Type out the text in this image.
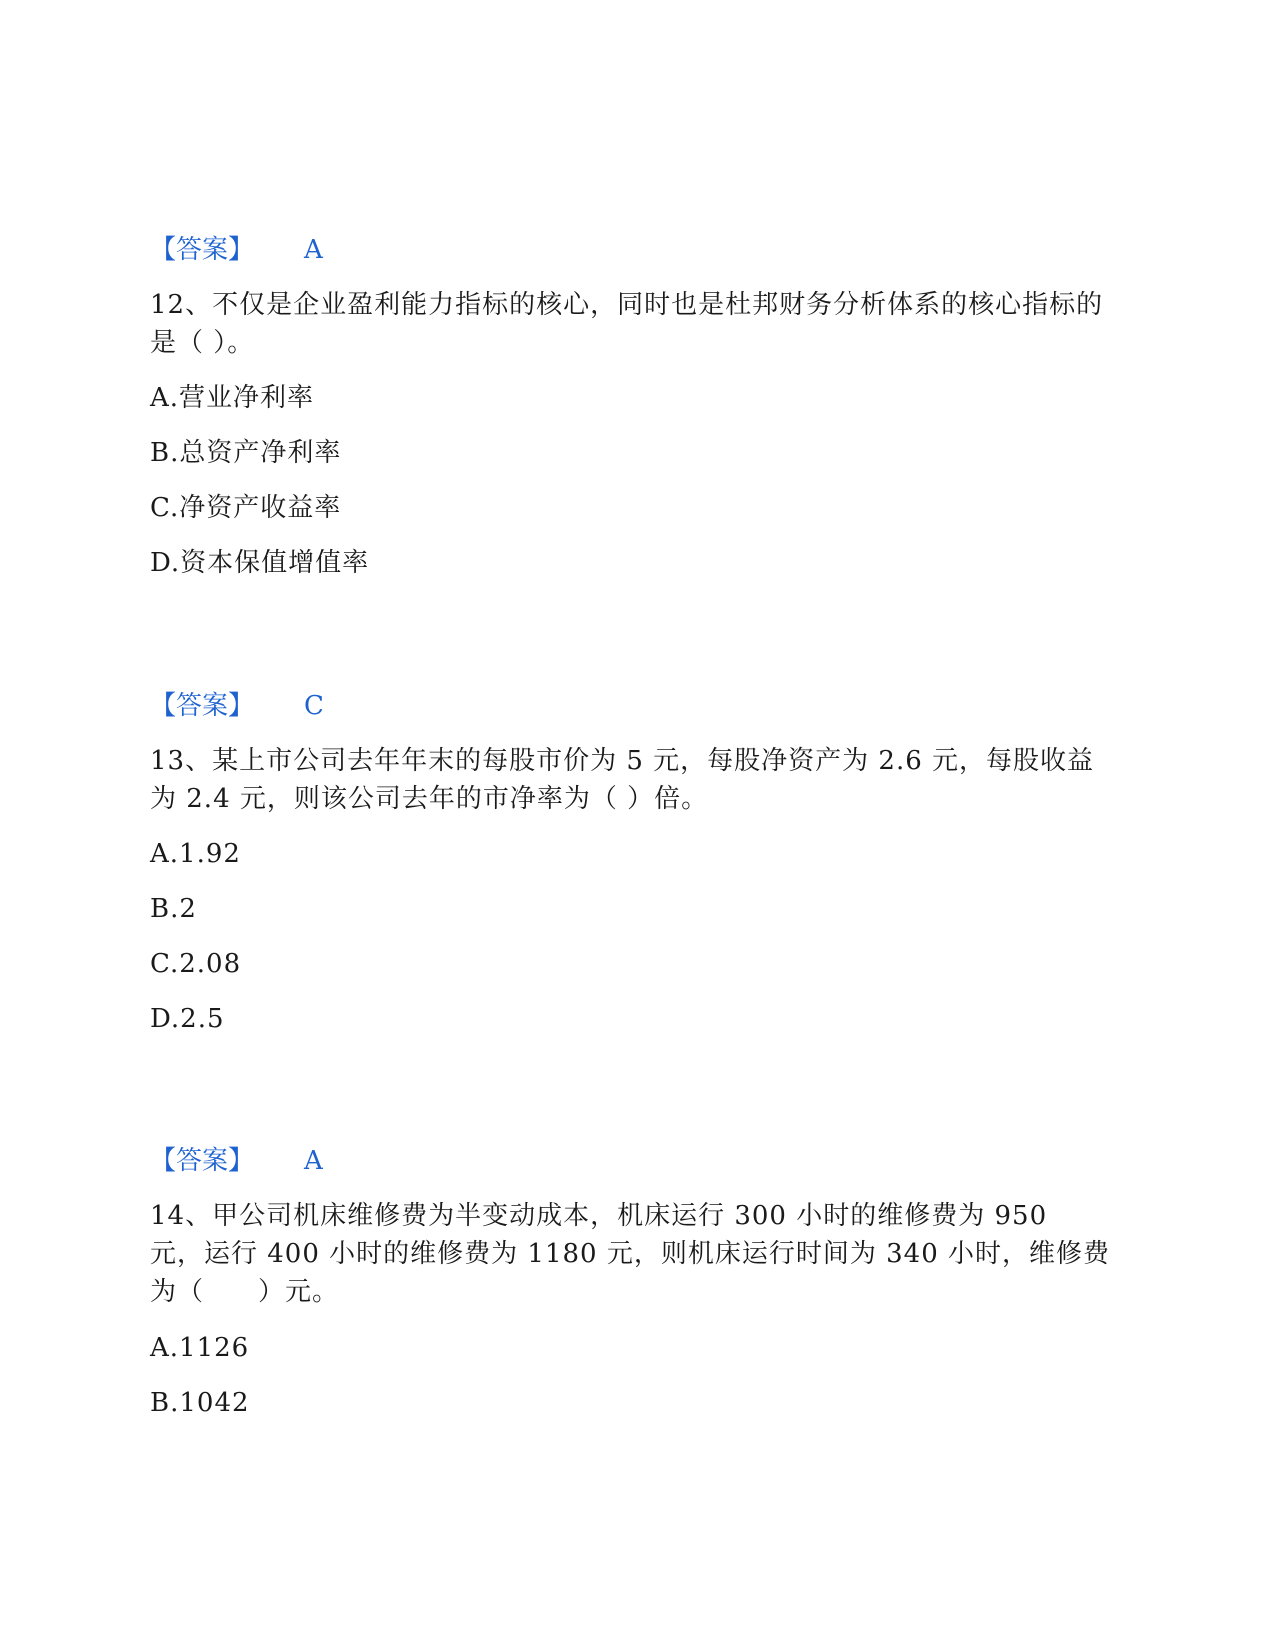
【答案】 A
12、不仅是企业盈利能力指标的核心，同时也是杜邦财务分析体系的核心指标的是（ ）。
A.营业净利率
B.总资产净利率
C.净资产收益率
D.资本保值增值率
【答案】 C
13、某上市公司去年年末的每股市价为 5 元，每股净资产为 2.6 元，每股收益为 2.4 元，则该公司去年的市净率为（ ）倍。
A.1.92
B.2
C.2.08
D.2.5
【答案】 A
14、甲公司机床维修费为半变动成本，机床运行 300 小时的维修费为 950 元，运行 400 小时的维修费为 1180 元，则机床运行时间为 340 小时，维修费为（　　）元。
A.1126
B.1042
